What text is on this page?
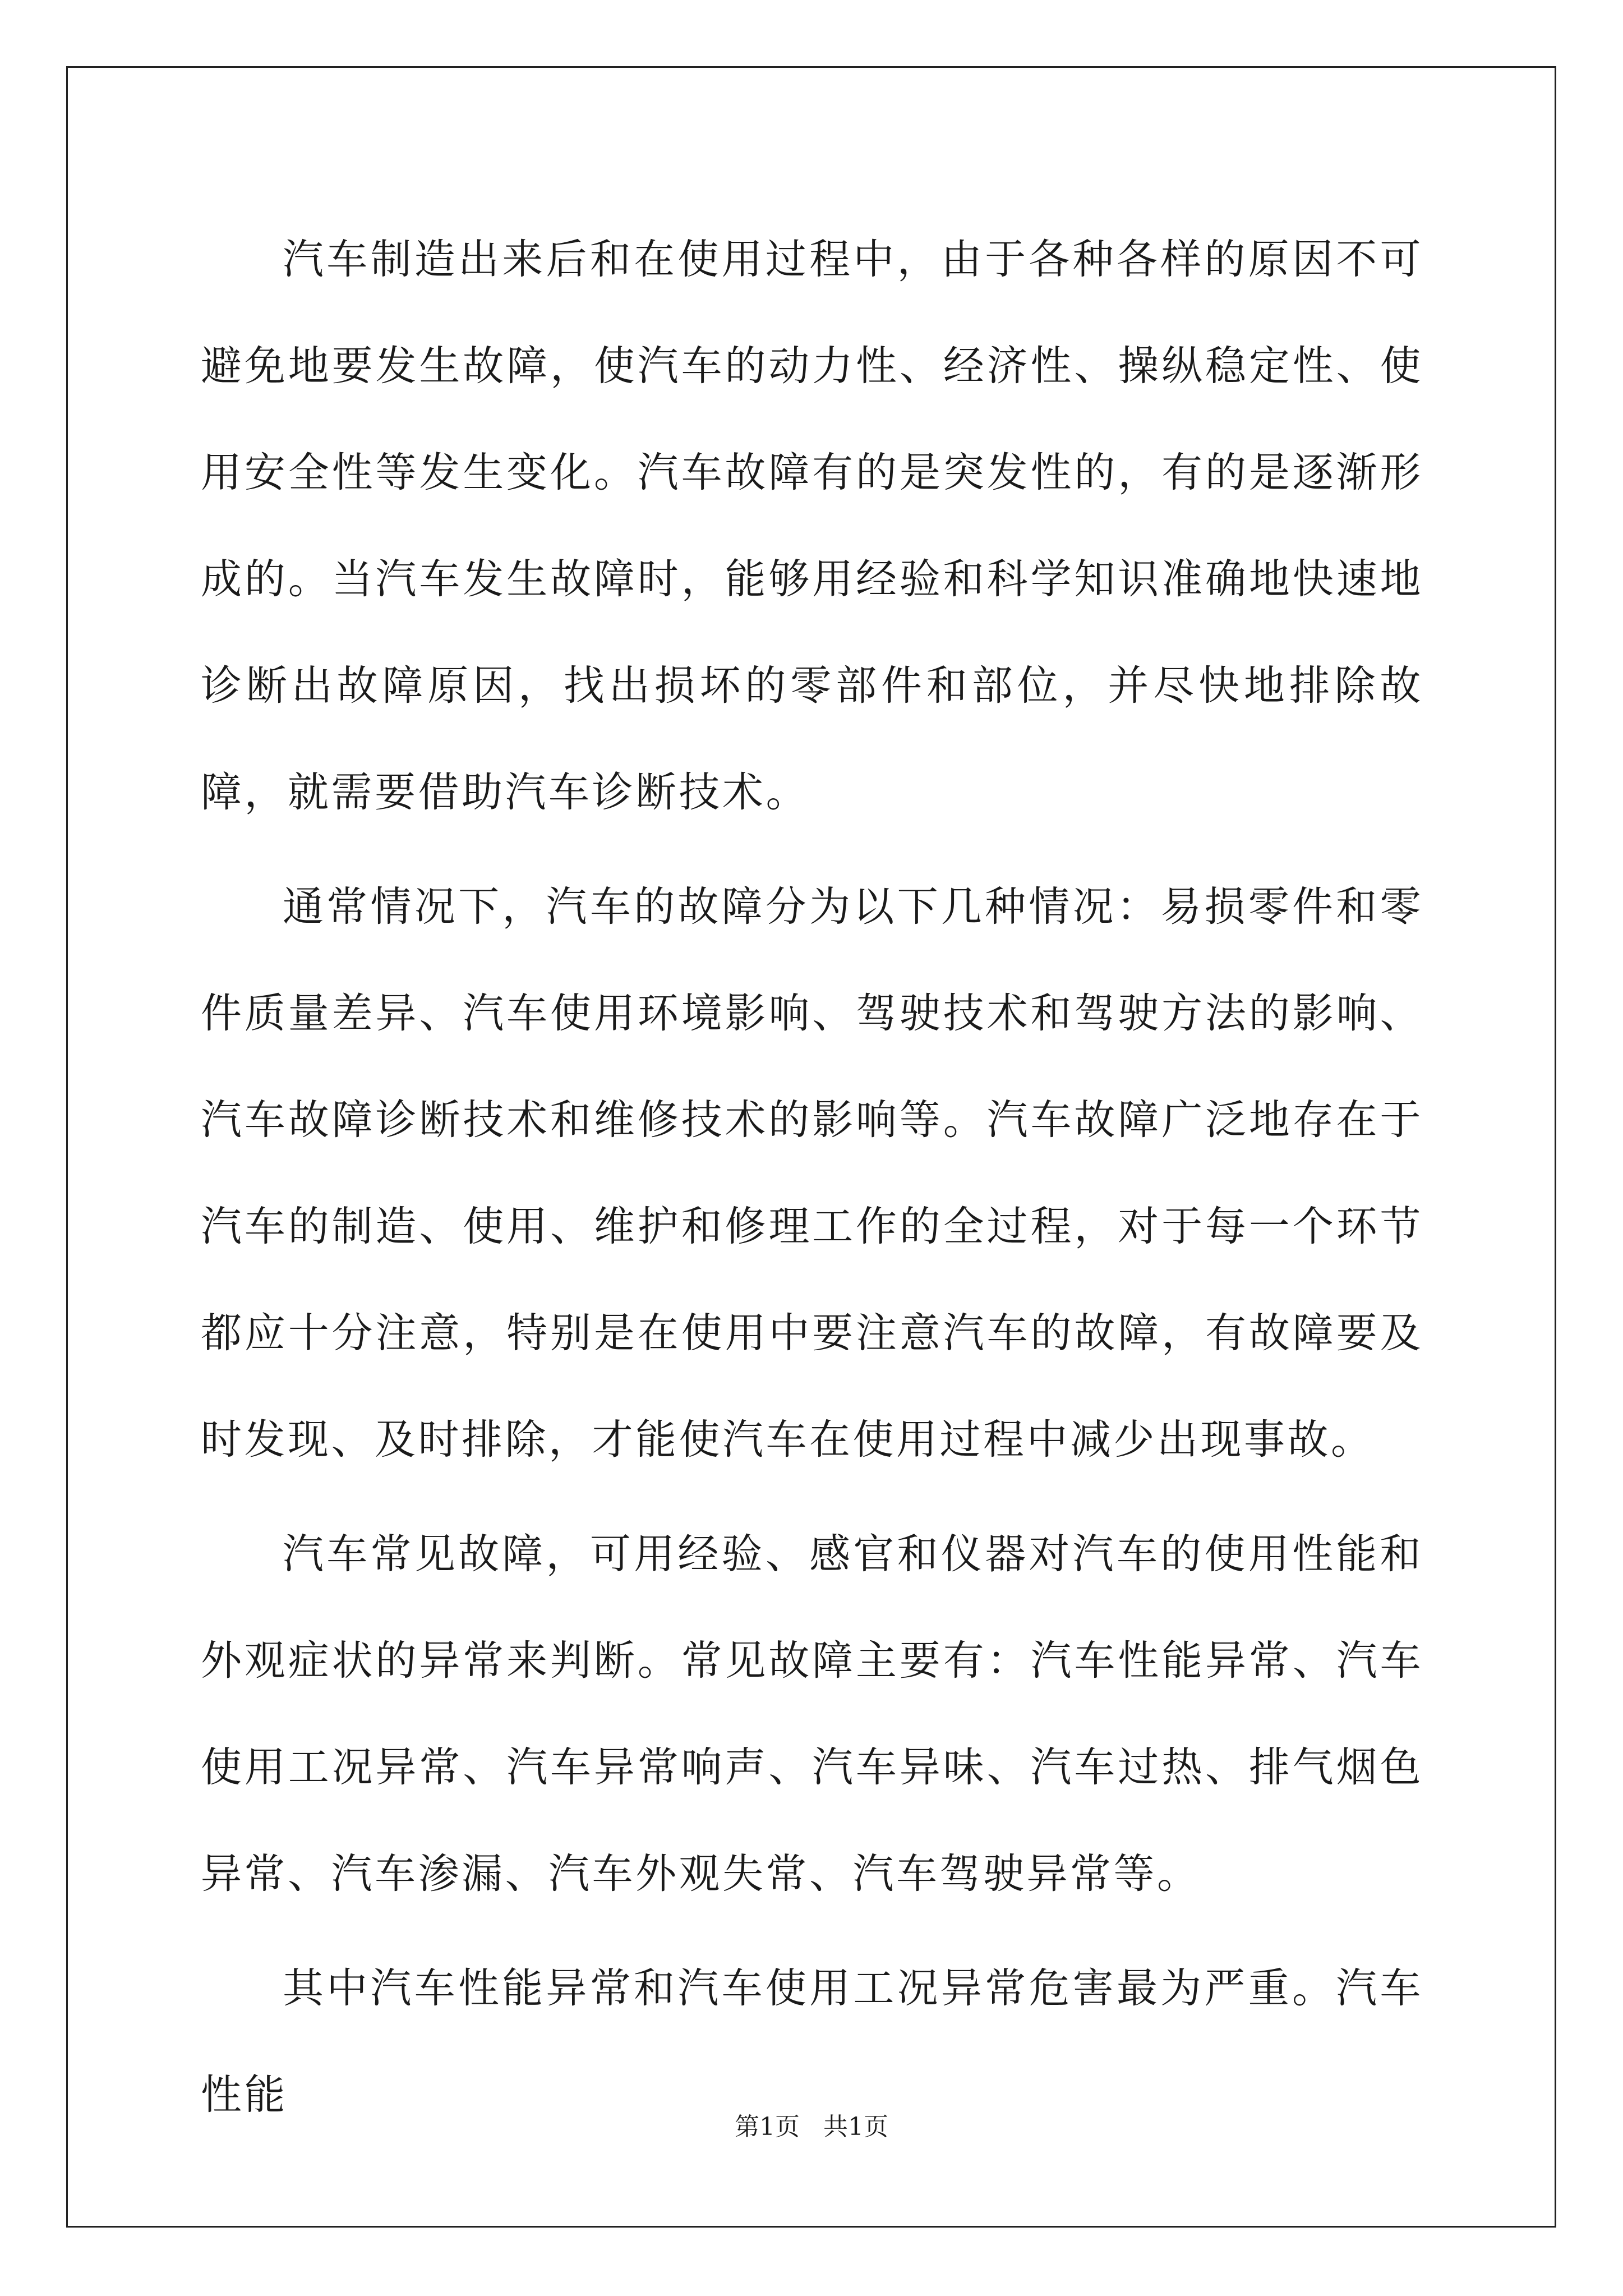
汽车制造出来后和在使用过程中，由于各种各样的原因不可避免地要发生故障，使汽车的动力性、经济性、操纵稳定性、使用安全性等发生变化。汽车故障有的是突发性的，有的是逐渐形成的。当汽车发生故障时，能够用经验和科学知识准确地快速地诊断出故障原因，找出损坏的零部件和部位，并尽快地排除故障，就需要借助汽车诊断技术。

通常情况下，汽车的故障分为以下几种情况：易损零件和零件质量差异、汽车使用环境影响、驾驶技术和驾驶方法的影响、汽车故障诊断技术和维修技术的影响等。汽车故障广泛地存在于汽车的制造、使用、维护和修理工作的全过程，对于每一个环节都应十分注意，特别是在使用中要注意汽车的故障，有故障要及时发现、及时排除，才能使汽车在使用过程中减少出现事故。

汽车常见故障，可用经验、感官和仪器对汽车的使用性能和外观症状的异常来判断。常见故障主要有：汽车性能异常、汽车使用工况异常、汽车异常响声、汽车异味、汽车过热、排气烟色异常、汽车渗漏、汽车外观失常、汽车驾驶异常等。

其中汽车性能异常和汽车使用工况异常危害最为严重。汽车性能

第1页 共1页
